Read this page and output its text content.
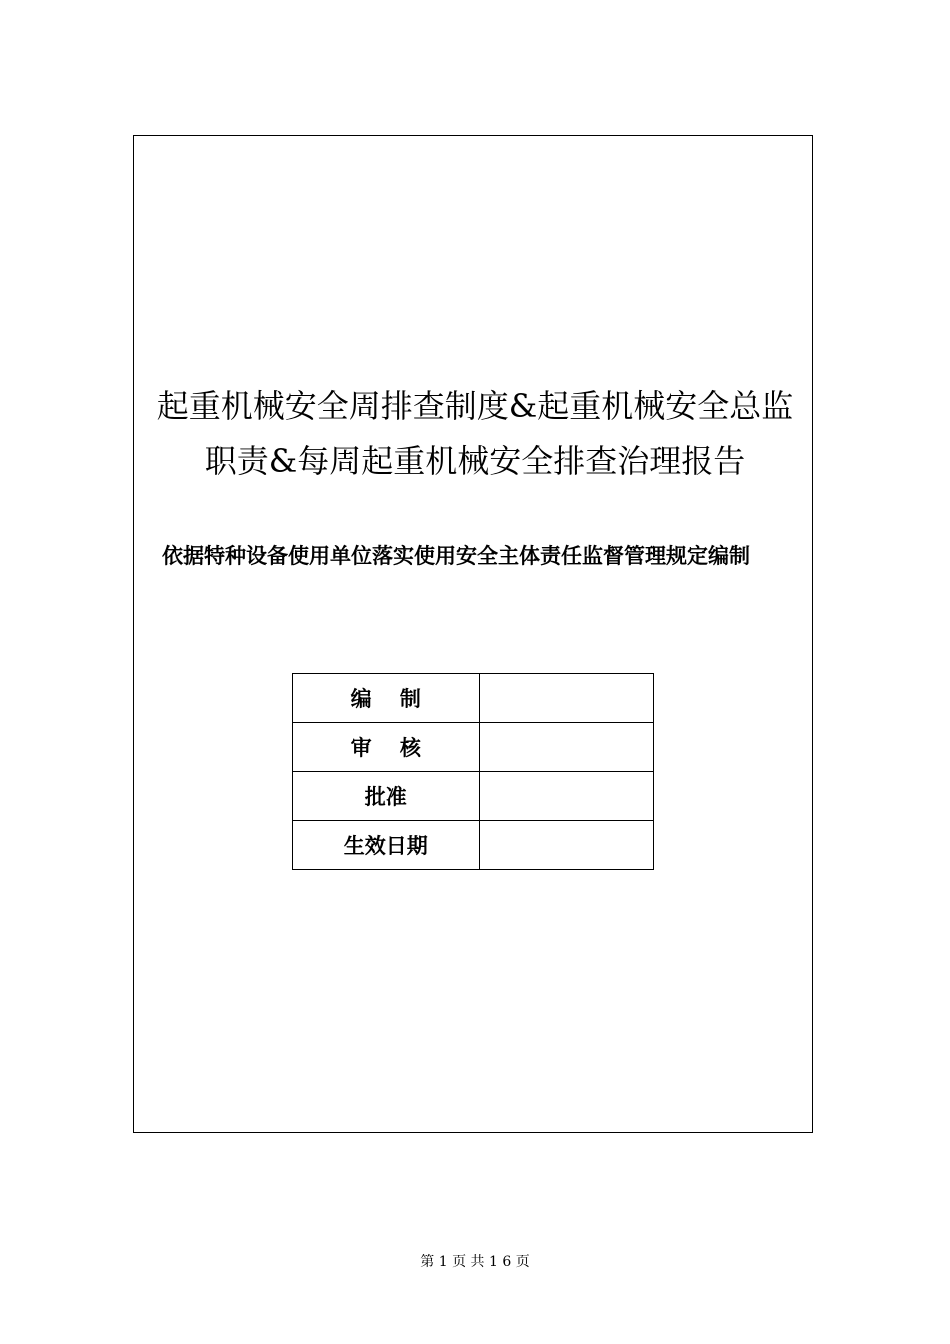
起重机械安全周排查制度&起重机械安全总监
职责&每周起重机械安全排查治理报告
依据特种设备使用单位落实使用安全主体责任监督管理规定编制
编　 制	
审　 核	
批准	
生效日期	
第 1 页 共 1 6 页
